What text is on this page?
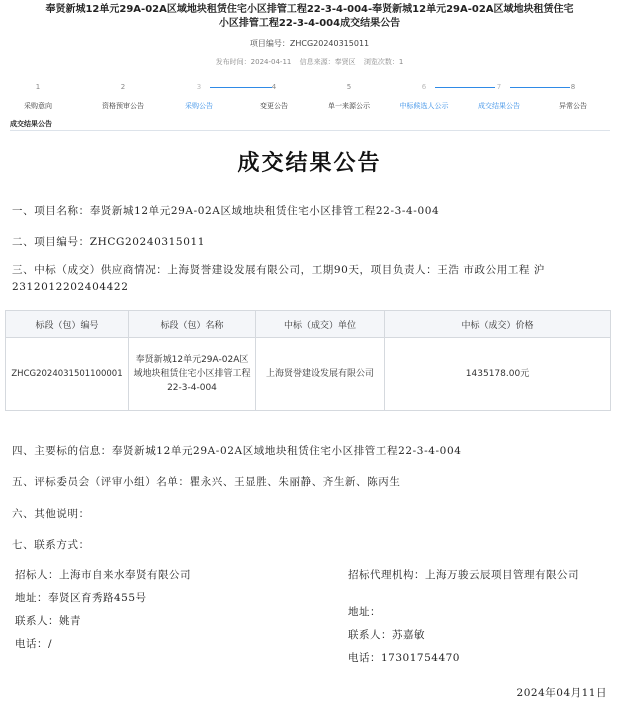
奉贤新城12单元29A-02A区域地块租赁住宅小区排管工程22-3-4-004-奉贤新城12单元29A-02A区域地块租赁住宅
小区排管工程22-3-4-004成交结果公告
项目编号：ZHCG20240315011
发布时间：2024-04-11 信息来源：奉贤区 浏览次数：1
1
采购意向
2
资格预审公告
3
采购公告
4
变更公告
5
单一来源公示
6
中标候选人公示
7
成交结果公告
8
异常公告
成交结果公告
成交结果公告
一、项目名称：奉贤新城12单元29A-02A区域地块租赁住宅小区排管工程22-3-4-004
二、项目编号：ZHCG20240315011
三、中标（成交）供应商情况：上海贤誉建设发展有限公司，工期90天，项目负责人：王浩 市政公用工程 沪2312012202404422
标段（包）编号	标段（包）名称	中标（成交）单位	中标（成交）价格
ZHCG2024031501100001	奉贤新城12单元29A-02A区域地块租赁住宅小区排管工程22-3-4-004	上海贤誉建设发展有限公司	1435178.00元
四、主要标的信息：奉贤新城12单元29A-02A区域地块租赁住宅小区排管工程22-3-4-004
五、评标委员会（评审小组）名单：瞿永兴、王显胜、朱丽静、齐生新、陈丙生
六、其他说明：
七、联系方式：
招标人：上海市自来水奉贤有限公司
地址：奉贤区育秀路455号
联系人：姚青
电话：/
招标代理机构：上海万骏云辰项目管理有限公司
地址：
联系人：苏嘉敏
电话：17301754470
2024年04月11日
